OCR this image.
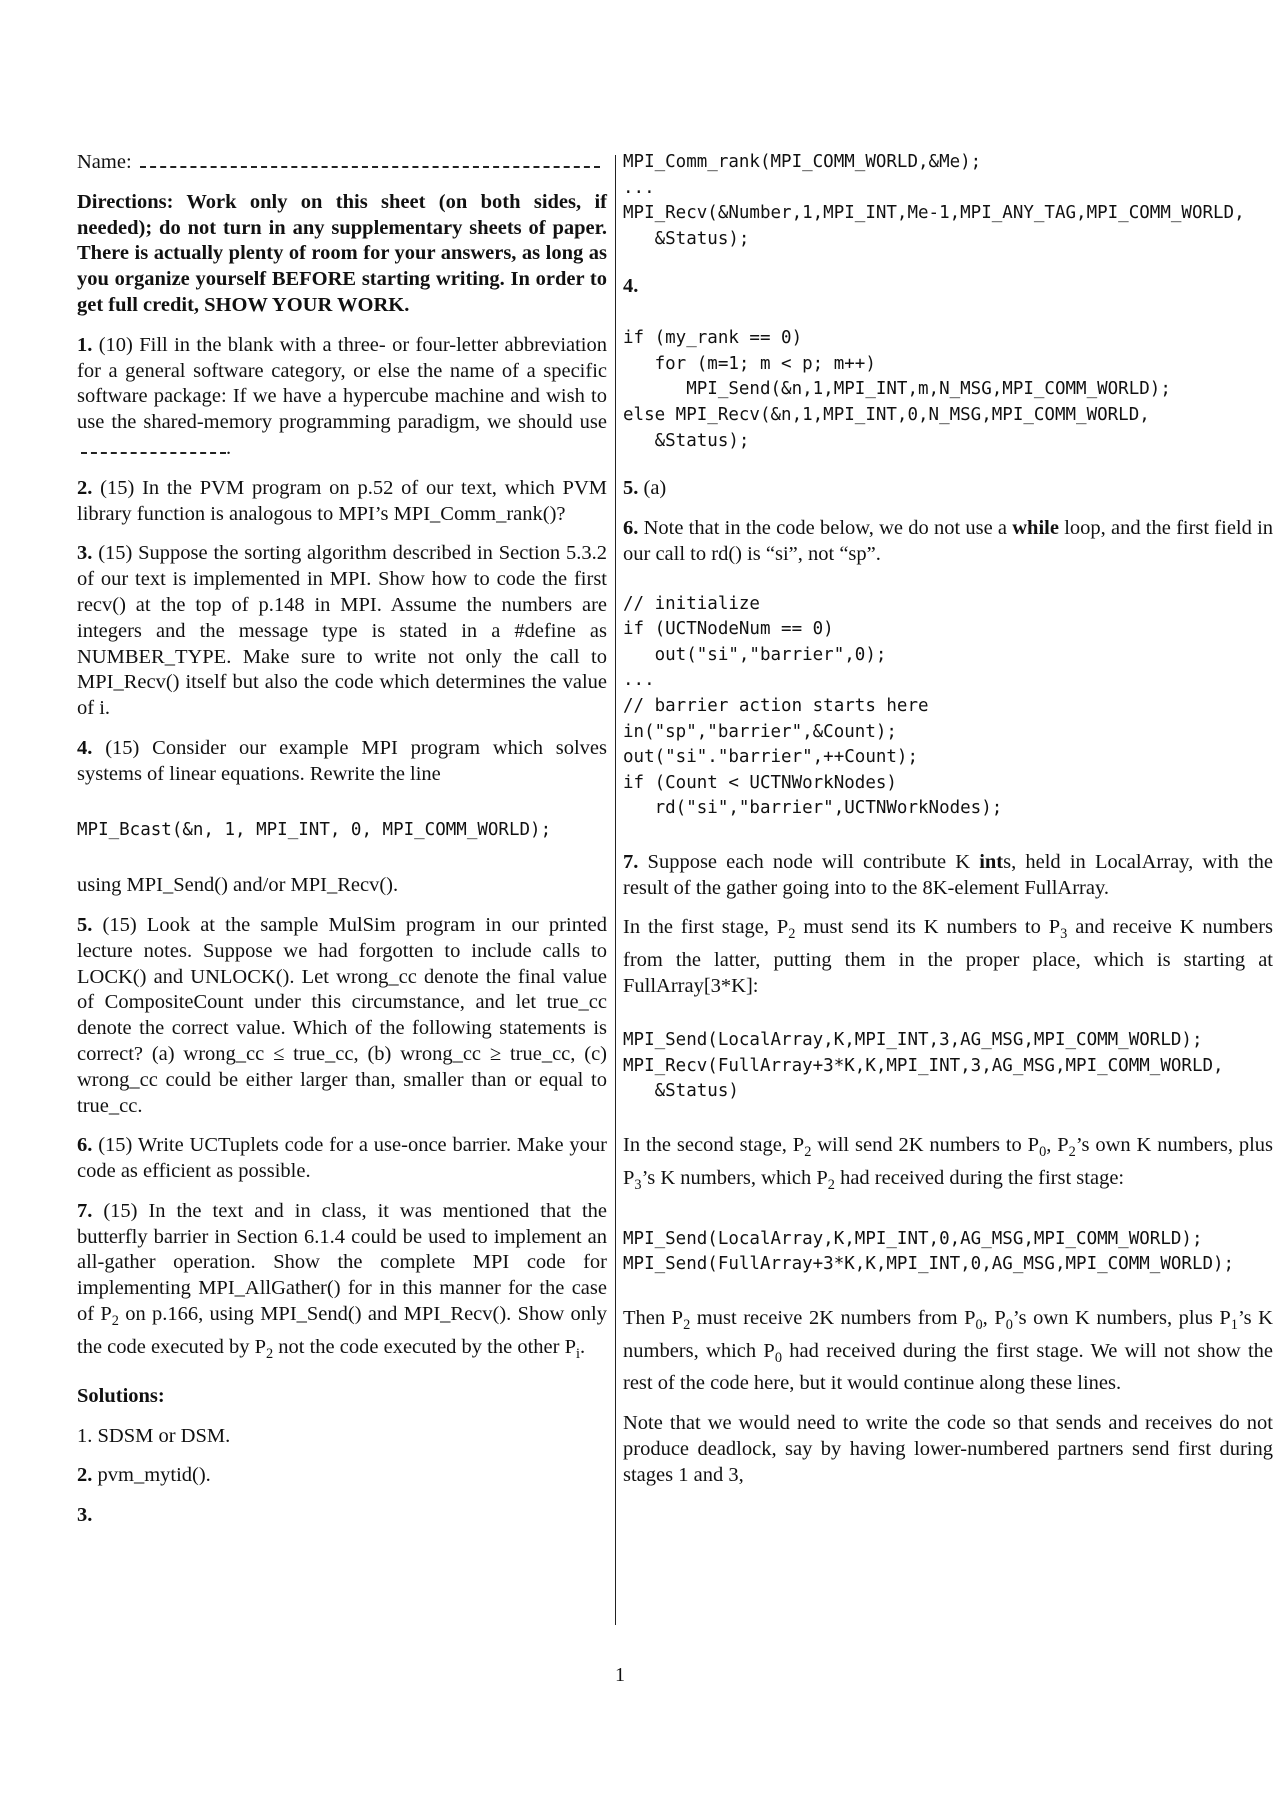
Name:

Directions: Work only on this sheet (on both sides, if needed); do not turn in any supplementary sheets of paper. There is actually plenty of room for your answers, as long as you organize yourself BEFORE starting writing. In order to get full credit, SHOW YOUR WORK.

1. (10) Fill in the blank with a three- or four-letter abbreviation for a general software category, or else the name of a specific software package: If we have a hypercube machine and wish to use the shared-memory programming paradigm, we should use.

2. (15) In the PVM program on p.52 of our text, which PVM library function is analogous to MPI’s MPI_Comm_rank()?

3. (15) Suppose the sorting algorithm described in Section 5.3.2 of our text is implemented in MPI. Show how to code the first recv() at the top of p.148 in MPI. Assume the numbers are integers and the message type is stated in a #define as NUMBER_TYPE. Make sure to write not only the call to MPI_Recv() itself but also the code which determines the value of i.

4. (15) Consider our example MPI program which solves systems of linear equations. Rewrite the line

MPI_Bcast(&n, 1, MPI_INT, 0, MPI_COMM_WORLD);

using MPI_Send() and/or MPI_Recv().

5. (15) Look at the sample MulSim program in our printed lecture notes. Suppose we had forgotten to include calls to LOCK() and UNLOCK(). Let wrong_cc denote the final value of CompositeCount under this circumstance, and let true_cc denote the correct value. Which of the following statements is correct? (a) wrong_cc ≤ true_cc, (b) wrong_cc ≥ true_cc, (c) wrong_cc could be either larger than, smaller than or equal to true_cc.

6. (15) Write UCTuplets code for a use-once barrier. Make your code as efficient as possible.

7. (15) In the text and in class, it was mentioned that the butterfly barrier in Section 6.1.4 could be used to implement an all-gather operation. Show the complete MPI code for implementing MPI_AllGather() for in this manner for the case of $P_2$ on p.166, using MPI_Send() and MPI_Recv(). Show only the code executed by $P_2$ not the code executed by the other $P_i$.

Solutions:

1. SDSM or DSM.

2. pvm_mytid().

3.

MPI_Comm_rank(MPI_COMM_WORLD,&Me);
...
MPI_Recv(&Number,1,MPI_INT,Me-1,MPI_ANY_TAG,MPI_COMM_WORLD,
&Status);

4.

if (my_rank == 0)
for (m=1; m < p; m++)
MPI_Send(&n,1,MPI_INT,m,N_MSG,MPI_COMM_WORLD);
else MPI_Recv(&n,1,MPI_INT,0,N_MSG,MPI_COMM_WORLD,
&Status);

5. (a)

6. Note that in the code below, we do not use a while loop, and the first field in our call to rd() is “si”, not “sp”.

// initialize
if (UCTNodeNum == 0)
out("si","barrier",0);
...
// barrier action starts here
in("sp","barrier",&Count);
out("si"."barrier",++Count);
if (Count < UCTNWorkNodes)
rd("si","barrier",UCTNWorkNodes);

7. Suppose each node will contribute K ints, held in LocalArray, with the result of the gather going into to the 8K-element FullArray.

In the first stage, $P_2$ must send its K numbers to $P_3$ and receive K numbers from the latter, putting them in the proper place, which is starting at FullArray[3*K]:

MPI_Send(LocalArray,K,MPI_INT,3,AG_MSG,MPI_COMM_WORLD);
MPI_Recv(FullArray+3*K,K,MPI_INT,3,AG_MSG,MPI_COMM_WORLD,
&Status)

In the second stage, $P_2$ will send 2K numbers to $P_0$, $P_2’s$ own K numbers, plus $P_3’s$ K numbers, which $P_2$ had received during the first stage:

MPI_Send(LocalArray,K,MPI_INT,0,AG_MSG,MPI_COMM_WORLD);
MPI_Send(FullArray+3*K,K,MPI_INT,0,AG_MSG,MPI_COMM_WORLD);

Then $P_2$ must receive 2K numbers from $P_0$, $P_0’s$ own K numbers, plus $P_1’s$ K numbers, which $P_0$ had received during the first stage. We will not show the rest of the code here, but it would continue along these lines.

Note that we would need to write the code so that sends and receives do not produce deadlock, say by having lower-numbered partners send first during stages 1 and 3,

1
